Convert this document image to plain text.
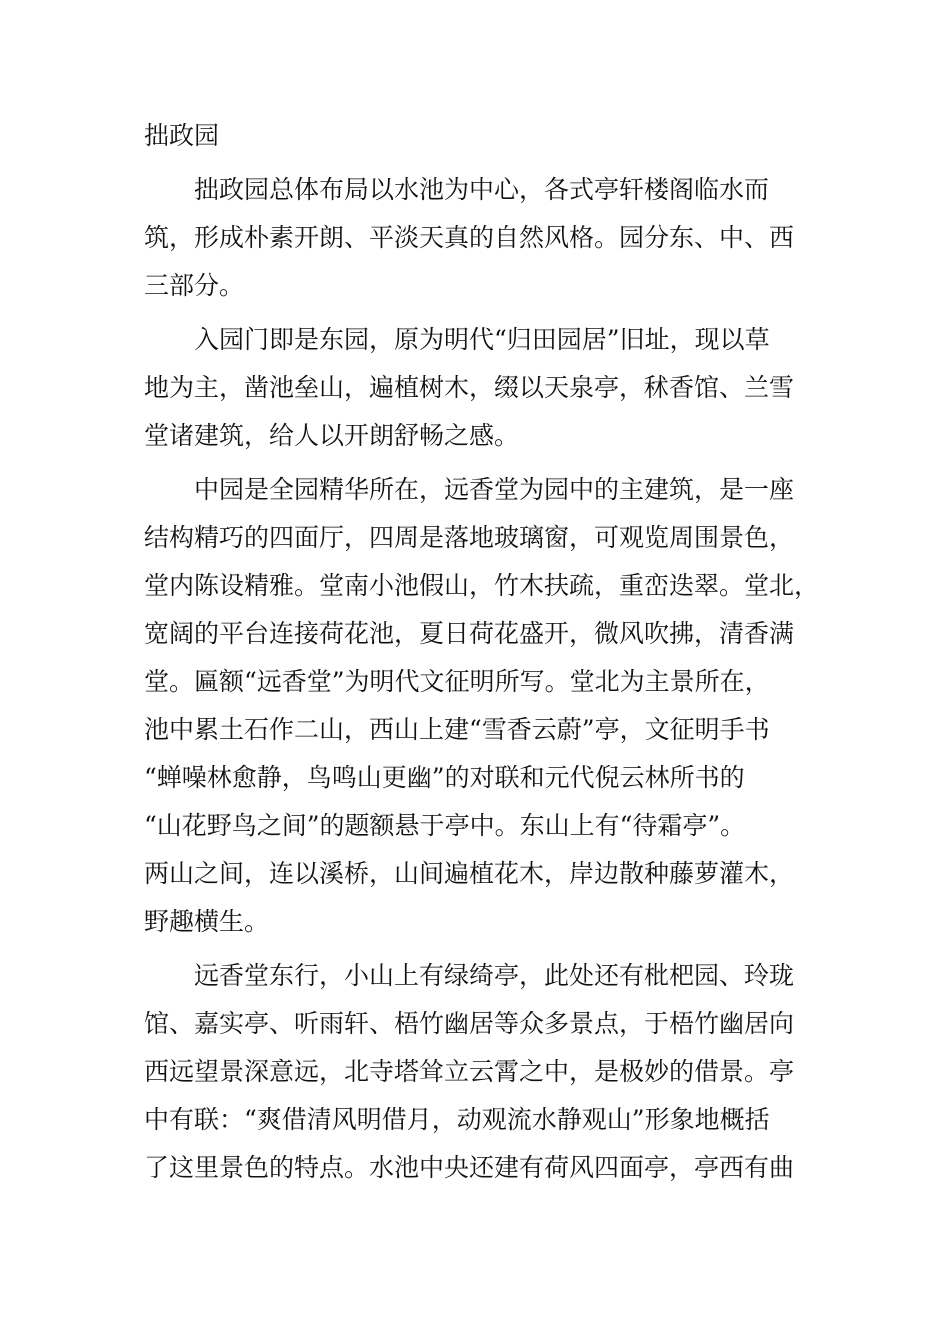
拙政园

拙政园总体布局以水池为中心，各式亭轩楼阁临水而
筑，形成朴素开朗、平淡天真的自然风格。园分东、中、西
三部分。

入园门即是东园，原为明代“归田园居”旧址，现以草
地为主，凿池垒山，遍植树木，缀以天泉亭，秫香馆、兰雪
堂诸建筑，给人以开朗舒畅之感。

中园是全园精华所在，远香堂为园中的主建筑，是一座
结构精巧的四面厅，四周是落地玻璃窗，可观览周围景色，
堂内陈设精雅。堂南小池假山，竹木扶疏，重峦迭翠。堂北，
宽阔的平台连接荷花池，夏日荷花盛开，微风吹拂，清香满
堂。匾额“远香堂”为明代文征明所写。堂北为主景所在，
池中累土石作二山，西山上建“雪香云蔚”亭，文征明手书
“蝉噪林愈静，鸟鸣山更幽”的对联和元代倪云林所书的
“山花野鸟之间”的题额悬于亭中。东山上有“待霜亭”。
两山之间，连以溪桥，山间遍植花木，岸边散种藤萝灌木，
野趣横生。

远香堂东行，小山上有绿绮亭，此处还有枇杷园、玲珑
馆、嘉实亭、听雨轩、梧竹幽居等众多景点，于梧竹幽居向
西远望景深意远，北寺塔耸立云霄之中，是极妙的借景。亭
中有联：“爽借清风明借月，动观流水静观山”形象地概括
了这里景色的特点。水池中央还建有荷风四面亭，亭西有曲
